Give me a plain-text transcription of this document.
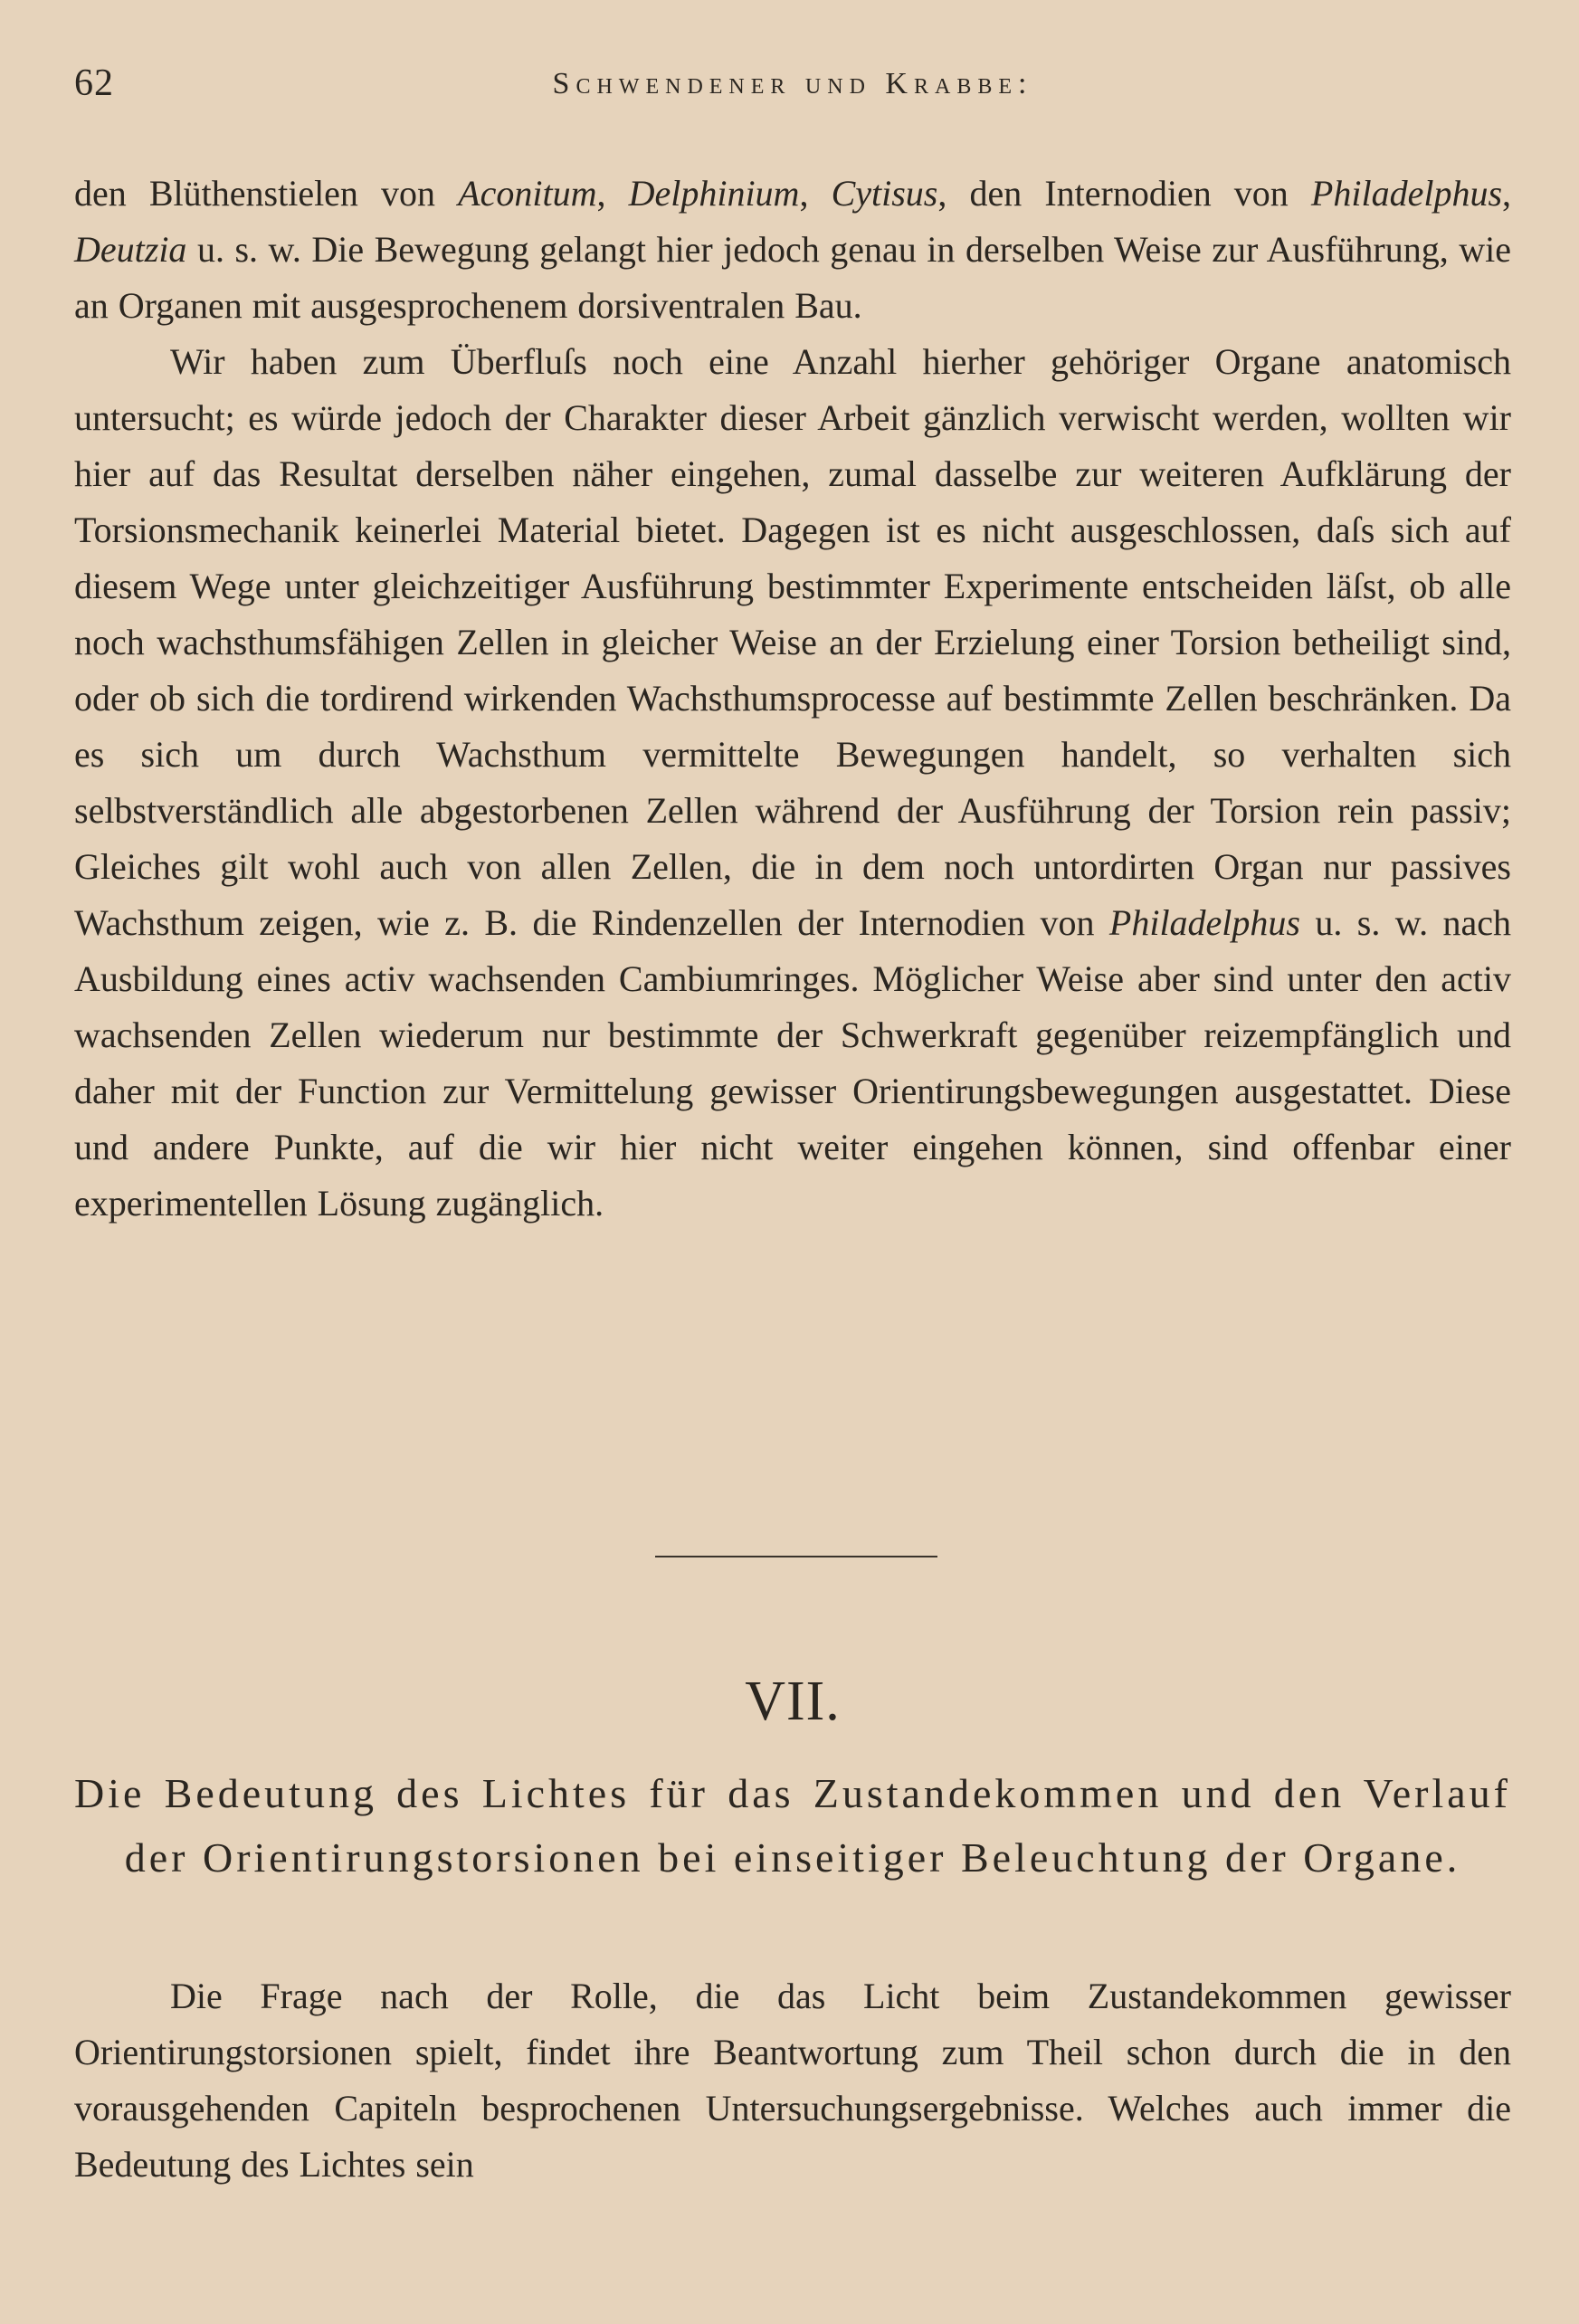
62	Schwendener und Krabbe:

den Blüthenstielen von Aconitum, Delphinium, Cytisus, den Internodien von Philadelphus, Deutzia u. s. w. Die Bewegung gelangt hier jedoch genau in derselben Weise zur Ausführung, wie an Organen mit ausgesprochenem dorsiventralen Bau.

Wir haben zum Überfluſs noch eine Anzahl hierher gehöriger Organe anatomisch untersucht; es würde jedoch der Charakter dieser Arbeit gänzlich verwischt werden, wollten wir hier auf das Resultat derselben näher eingehen, zumal dasselbe zur weiteren Aufklärung der Torsionsmechanik keinerlei Material bietet. Dagegen ist es nicht ausgeschlossen, daſs sich auf diesem Wege unter gleichzeitiger Ausführung bestimmter Experimente entscheiden läſst, ob alle noch wachsthumsfähigen Zellen in gleicher Weise an der Erzielung einer Torsion betheiligt sind, oder ob sich die tordirend wirkenden Wachsthumsprocesse auf bestimmte Zellen beschränken. Da es sich um durch Wachsthum vermittelte Bewegungen handelt, so verhalten sich selbstverständlich alle abgestorbenen Zellen während der Ausführung der Torsion rein passiv; Gleiches gilt wohl auch von allen Zellen, die in dem noch untordirten Organ nur passives Wachsthum zeigen, wie z. B. die Rindenzellen der Internodien von Philadelphus u. s. w. nach Ausbildung eines activ wachsenden Cambiumringes. Möglicher Weise aber sind unter den activ wachsenden Zellen wiederum nur bestimmte der Schwerkraft gegenüber reizempfänglich und daher mit der Function zur Vermittelung gewisser Orientirungsbewegungen ausgestattet. Diese und andere Punkte, auf die wir hier nicht weiter eingehen können, sind offenbar einer experimentellen Lösung zugänglich.

VII.
Die Bedeutung des Lichtes für das Zustandekommen und den Verlauf der Orientirungstorsionen bei einseitiger Beleuchtung der Organe.

Die Frage nach der Rolle, die das Licht beim Zustandekommen gewisser Orientirungstorsionen spielt, findet ihre Beantwortung zum Theil schon durch die in den vorausgehenden Capiteln besprochenen Untersuchungsergebnisse. Welches auch immer die Bedeutung des Lichtes sein
